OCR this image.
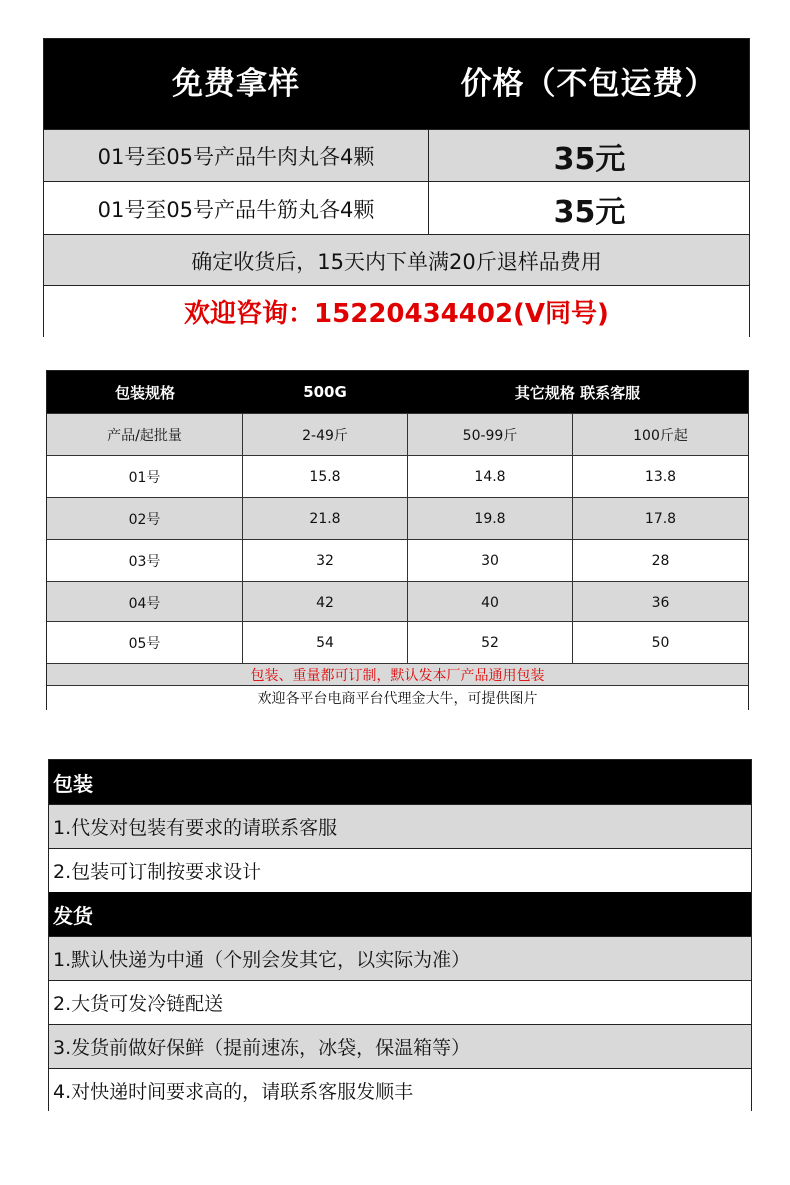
免费拿样	价格（不包运费）
01号至05号产品牛肉丸各4颗	35元
01号至05号产品牛筋丸各4颗	35元
确定收货后，15天内下单满20斤退样品费用
欢迎咨询：15220434402(V同号)
包装规格	500G	其它规格 联系客服
产品/起批量	2-49斤	50-99斤	100斤起
01号	15.8	14.8	13.8
02号	21.8	19.8	17.8
03号	32	30	28
04号	42	40	36
05号	54	52	50
包装、重量都可订制，默认发本厂产品通用包装
欢迎各平台电商平台代理金大牛，可提供图片
包装
1.代发对包装有要求的请联系客服
2.包装可订制按要求设计
发货
1.默认快递为中通（个别会发其它，以实际为准）
2.大货可发冷链配送
3.发货前做好保鲜（提前速冻，冰袋，保温箱等）
4.对快递时间要求高的，请联系客服发顺丰
